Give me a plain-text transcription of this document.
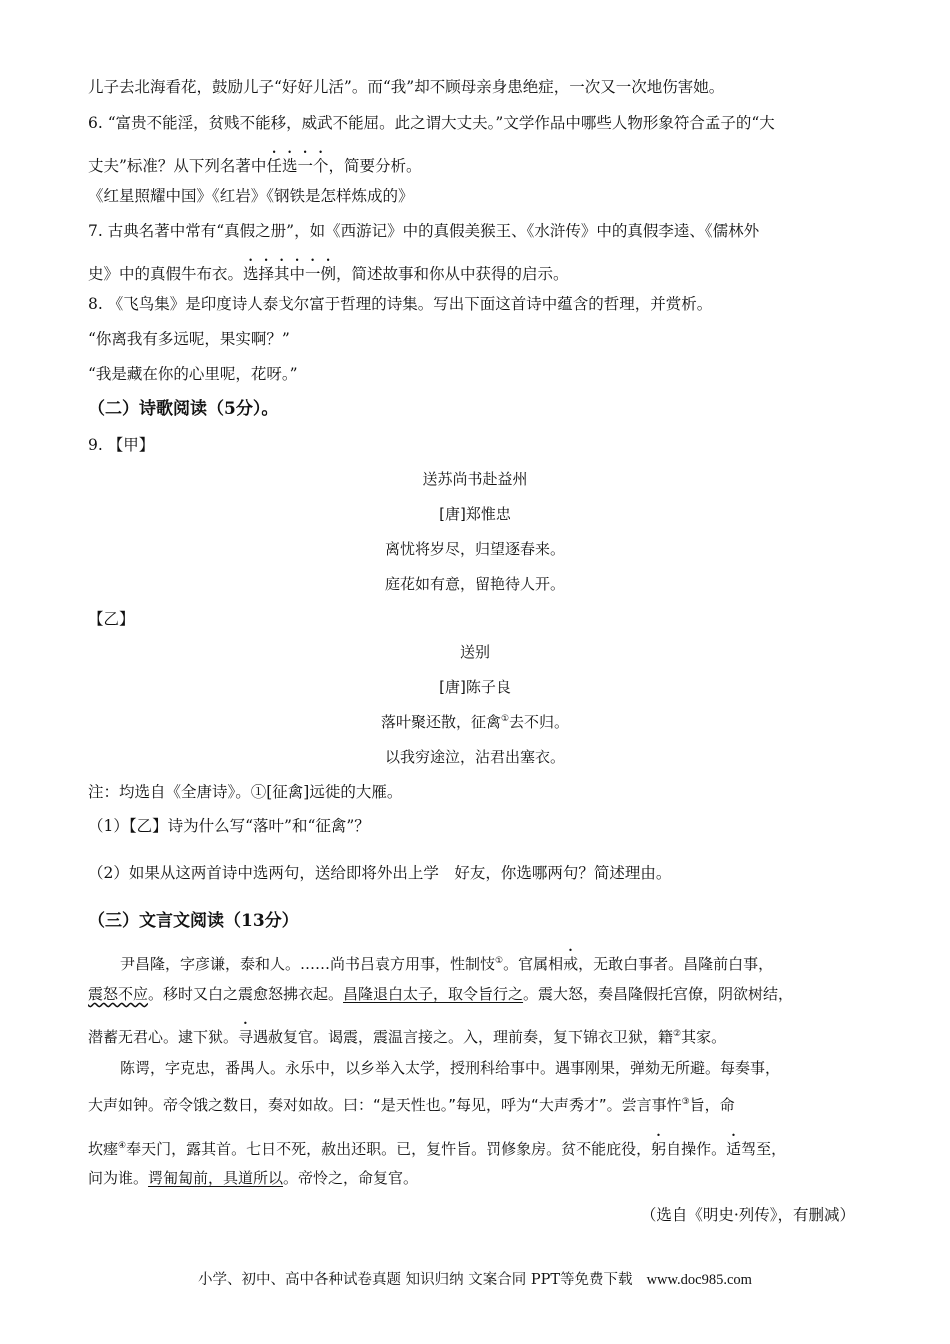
儿子去北海看花，鼓励儿子“好好儿活”。而“我”却不顾母亲身患绝症，一次又一次地伤害她。
6. “富贵不能淫，贫贱不能移，威武不能屈。此之谓大丈夫。”文学作品中哪些人物形象符合孟子的“大
丈夫”标准？从下列名著中任选一个，简要分析。
《红星照耀中国》《红岩》《钢铁是怎样炼成的》
7. 古典名著中常有“真假之册”，如《西游记》中的真假美猴王、《水浒传》中的真假李逵、《儒林外
史》中的真假牛布衣。选择其中一例，简述故事和你从中获得的启示。
8. 《飞鸟集》是印度诗人泰戈尔富于哲理的诗集。写出下面这首诗中蕴含的哲理，并赏析。
“你离我有多远呢，果实啊？”
“我是藏在你的心里呢，花呀。”
（二）诗歌阅读（5分）。
9. 【甲】
送苏尚书赴益州
[唐]郑惟忠
离忧将岁尽，归望逐春来。
庭花如有意，留艳待人开。
【乙】
送别
[唐]陈子良
落叶聚还散，征禽①去不归。
以我穷途泣，沾君出塞衣。
注：均选自《全唐诗》。①[征禽]远徙的大雁。
（1）【乙】诗为什么写“落叶”和“征禽”？
（2）如果从这两首诗中选两句，送给即将外出上学　好友，你选哪两句？简述理由。
（三）文言文阅读（13分）
尹昌隆，字彦谦，泰和人。……尚书吕袁方用事，性制忮①。官属相戒，无敢白事者。昌隆前白事，
震怒不应。移时又白之震愈怒拂衣起。昌隆退白太子，取令旨行之。震大怒，奏昌隆假托宫僚，阴欲树结，
潜蓄无君心。逮下狱。寻遇赦复官。谒震，震温言接之。入，理前奏，复下锦衣卫狱，籍②其家。
陈谔，字克忠，番禺人。永乐中，以乡举入太学，授刑科给事中。遇事刚果，弹劾无所避。每奏事，
大声如钟。帝令饿之数日，奏对如故。曰：“是天性也。”每见，呼为“大声秀才”。尝言事忤③旨，命
坎瘗④奉天门，露其首。七日不死，赦出还职。已，复忤旨。罚修象房。贫不能庇役，躬自操作。适驾至，
问为谁。谔匍匐前，具道所以。帝怜之，命复官。
（选自《明史·列传》，有删减）
小学、初中、高中各种试卷真题 知识归纳 文案合同 PPT等免费下载 www.doc985.com
